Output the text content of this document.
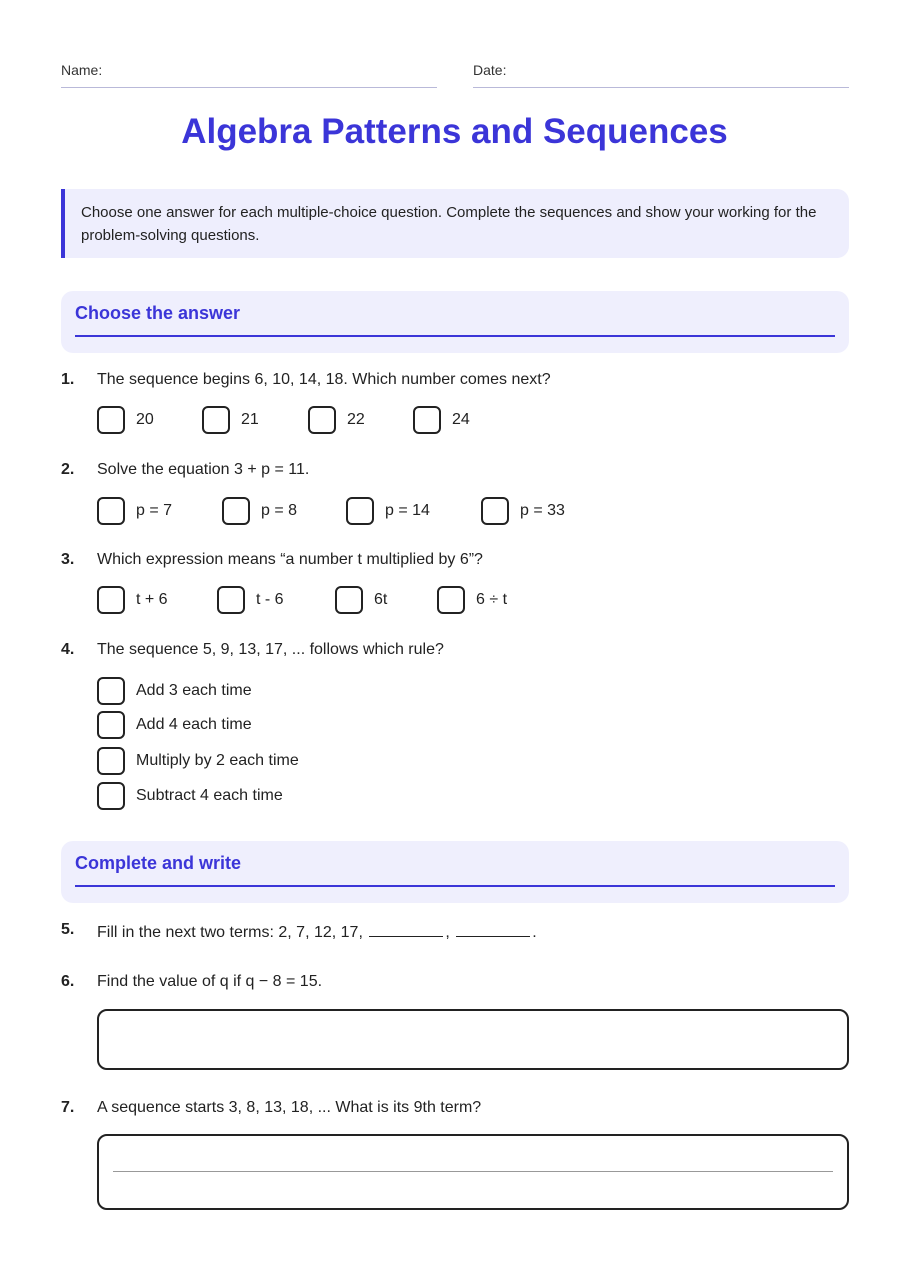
Name:	Date:
Algebra Patterns and Sequences
Choose one answer for each multiple-choice question. Complete the sequences and show your working for the problem-solving questions.
Choose the answer
1. The sequence begins 6, 10, 14, 18. Which number comes next?
20	21	22	24
2. Solve the equation 3 + p = 11.
p = 7	p = 8	p = 14	p = 33
3. Which expression means “a number t multiplied by 6”?
t + 6	t - 6	6t	6 ÷ t
4. The sequence 5, 9, 13, 17, ... follows which rule?
Add 3 each time
Add 4 each time
Multiply by 2 each time
Subtract 4 each time
Complete and write
5. Fill in the next two terms: 2, 7, 12, 17,	,	.
6. Find the value of q if q − 8 = 15.
7. A sequence starts 3, 8, 13, 18, ... What is its 9th term?
